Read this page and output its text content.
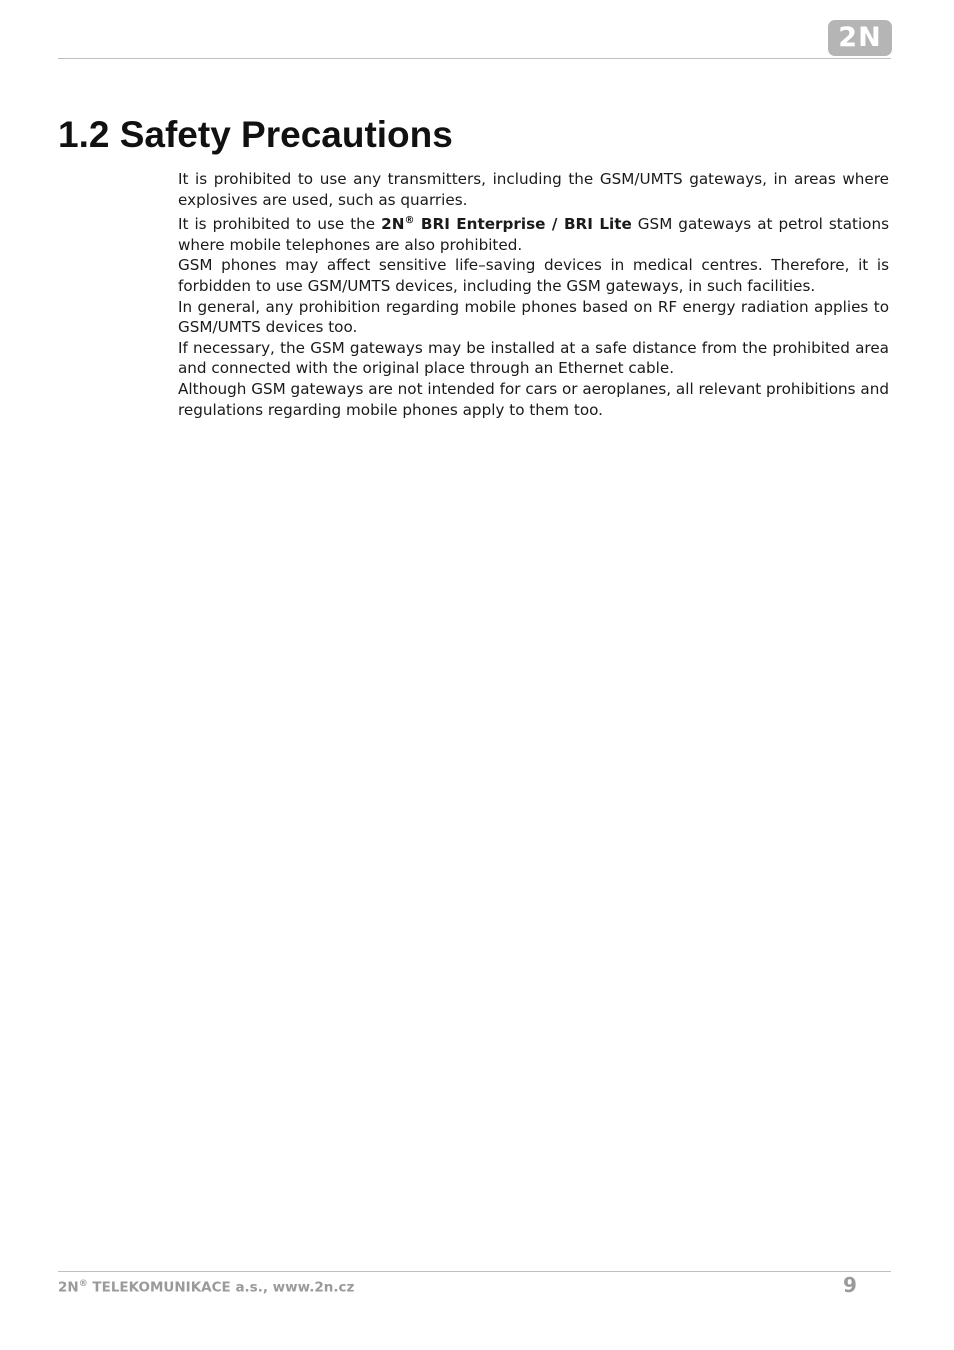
2N
1.2 Safety Precautions

It is prohibited to use any transmitters, including the GSM/UMTS gateways, in areas where explosives are used, such as quarries.

It is prohibited to use the 2N® BRI Enterprise / BRI Lite GSM gateways at petrol stations where mobile telephones are also prohibited.

GSM phones may affect sensitive life–saving devices in medical centres. Therefore, it is forbidden to use GSM/UMTS devices, including the GSM gateways, in such facilities.

In general, any prohibition regarding mobile phones based on RF energy radiation applies to GSM/UMTS devices too.

If necessary, the GSM gateways may be installed at a safe distance from the prohibited area and connected with the original place through an Ethernet cable.

Although GSM gateways are not intended for cars or aeroplanes, all relevant prohibitions and regulations regarding mobile phones apply to them too.

2N® TELEKOMUNIKACE a.s., www.2n.cz	9
